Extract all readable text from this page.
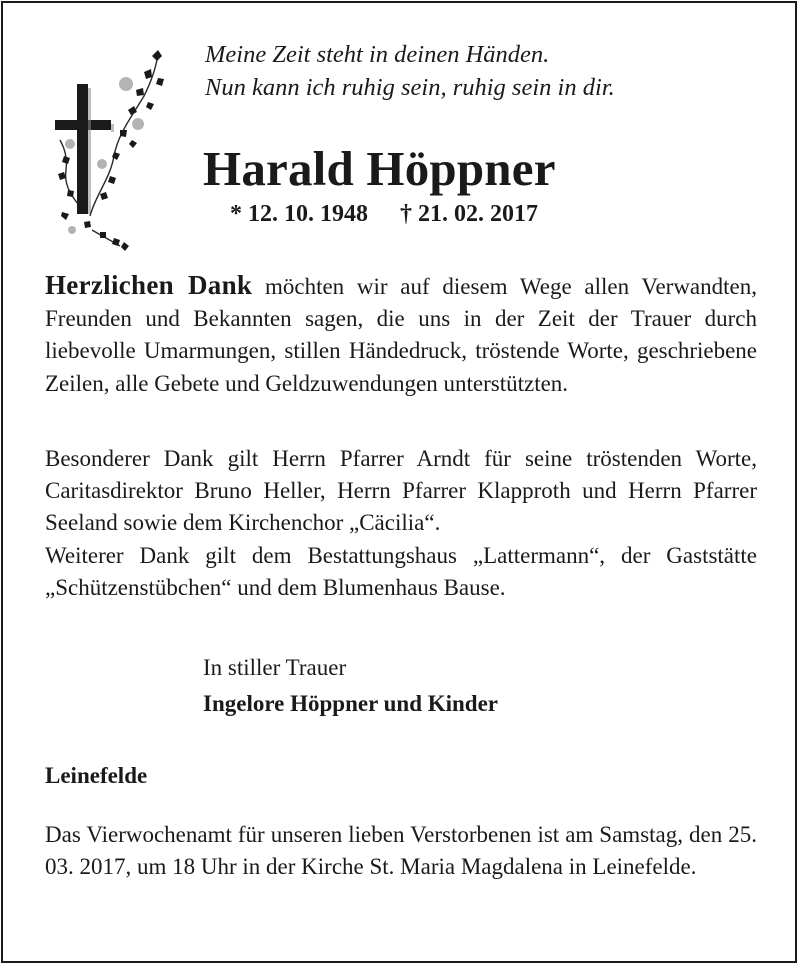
Meine Zeit steht in deinen Händen.
Nun kann ich ruhig sein, ruhig sein in dir.
Harald Höppner
* 12. 10. 1948 † 21. 02. 2017

Herzlichen Dank möchten wir auf diesem Wege allen Verwandten, Freunden und Bekannten sagen, die uns in der Zeit der Trauer durch liebevolle Umarmungen, stillen Händedruck, tröstende Worte, geschriebene Zeilen, alle Gebete und Geldzuwendungen unterstützten.

Besonderer Dank gilt Herrn Pfarrer Arndt für seine tröstenden Worte, Caritasdirektor Bruno Heller, Herrn Pfarrer Klapproth und Herrn Pfarrer Seeland sowie dem Kirchenchor „Cäcilia“.

Weiterer Dank gilt dem Bestattungshaus „Lattermann“, der Gaststätte „Schützenstübchen“ und dem Blumenhaus Bause.

In stiller Trauer
Ingelore Höppner und Kinder
Leinefelde

Das Vierwochenamt für unseren lieben Verstorbenen ist am Samstag, den 25. 03. 2017, um 18 Uhr in der Kirche St. Maria Magdalena in Leinefelde.
